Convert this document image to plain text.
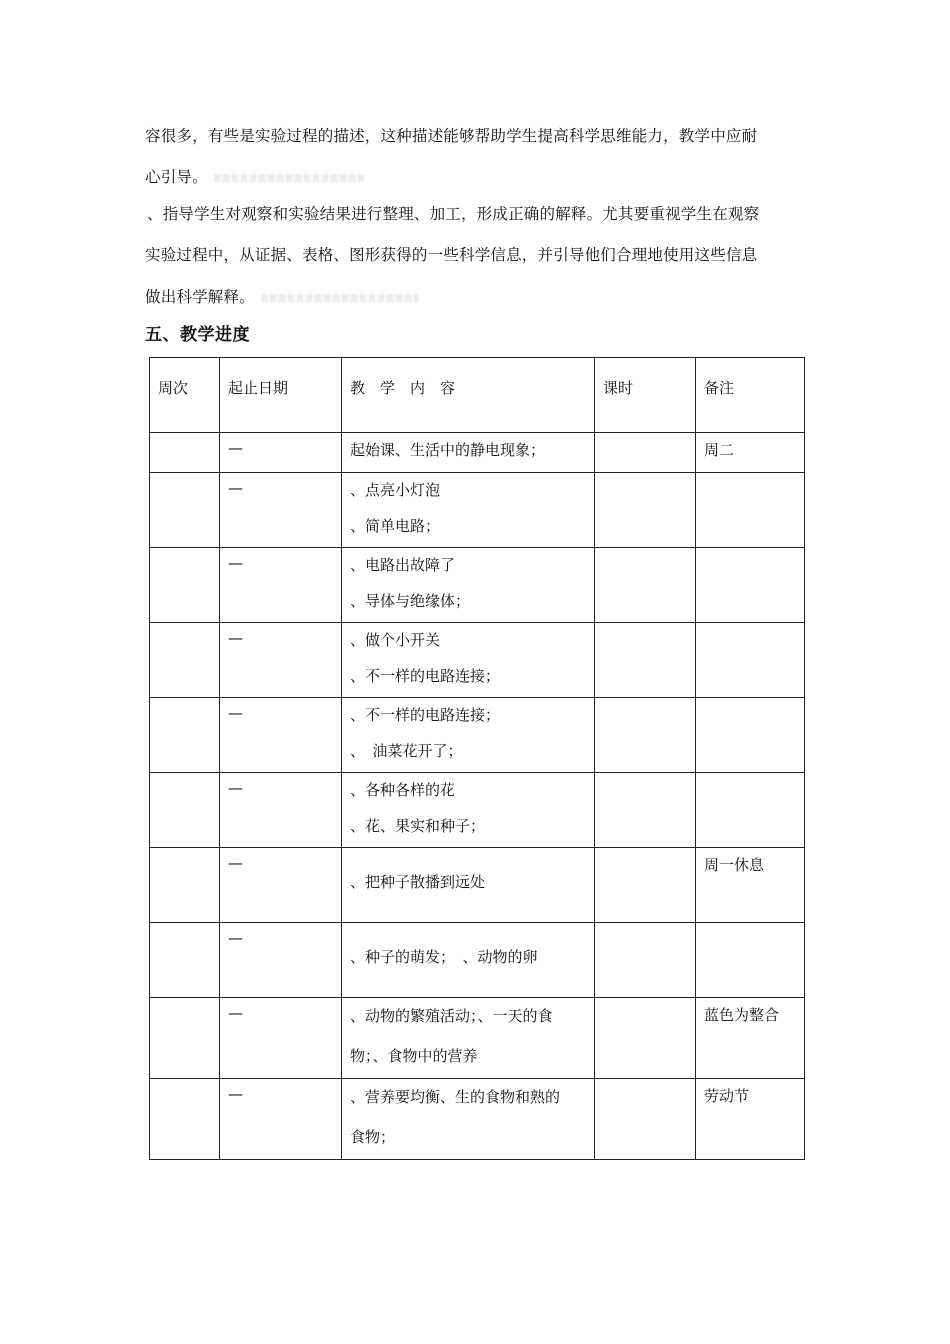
容很多，有些是实验过程的描述，这种描述能够帮助学生提高科学思维能力，教学中应耐
心引导。
、指导学生对观察和实验结果进行整理、加工，形成正确的解释。尤其要重视学生在观察
实验过程中，从证据、表格、图形获得的一些科学信息，并引导他们合理地使用这些信息
做出科学解释。
五、教学进度
周次	起止日期	教　学　内　容	课时	备注

	—	起始课、生活中的静电现象；		周二

	—	、点亮小灯泡
、简单电路；		

	—	、电路出故障了
、导体与绝缘体；		

	—	、做个小开关
、不一样的电路连接；		

	—	、不一样的电路连接；
、　油菜花开了；		

	—	、各种各样的花
、花、果实和种子；		

	—	、把种子散播到远处		周一休息

	—	、种子的萌发；　、动物的卵		

	—	、动物的繁殖活动；、一天的食
物；、食物中的营养		蓝色为整合

	—	、营养要均衡、生的食物和熟的
食物；		劳动节
